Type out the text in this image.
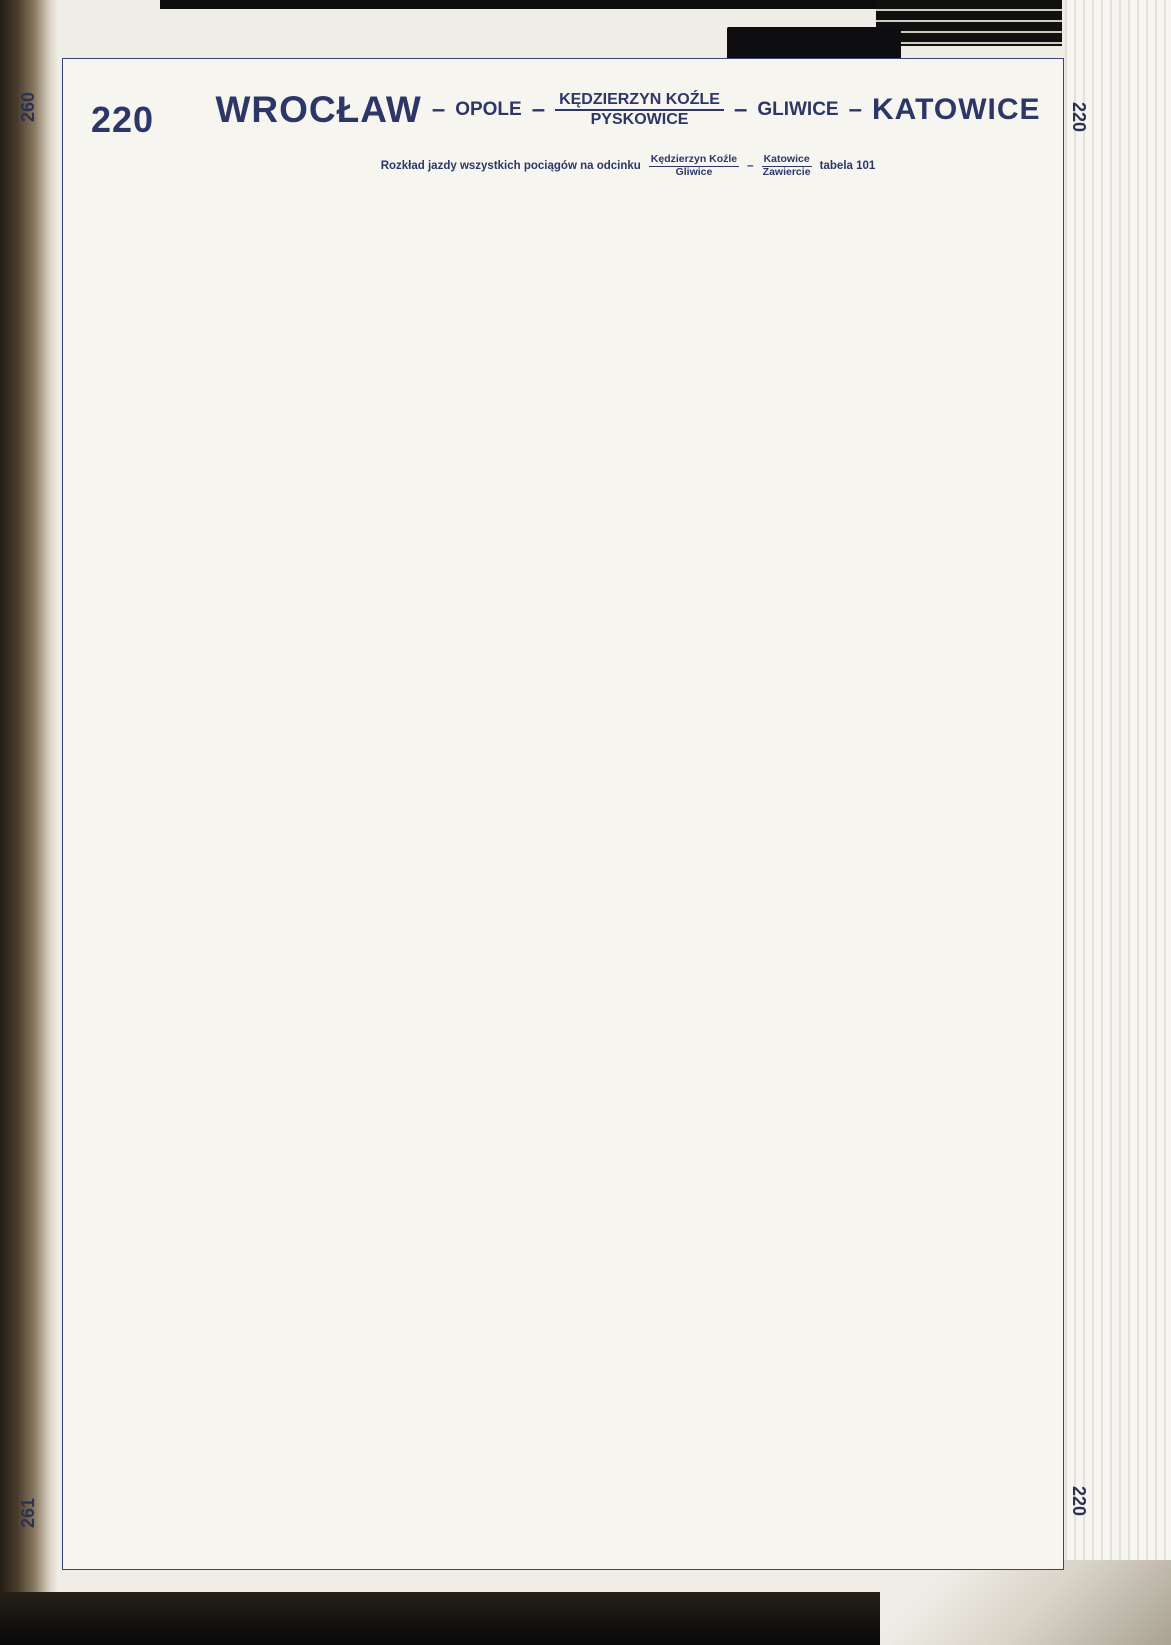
260	220
261	220
220 WROCŁAW – OPOLE – $\frac{\text{KĘDZIERZYN KOŹLE}}{\text{PYSKOWICE}}$ – GLIWICE – KATOWICE
Rozkład jazdy wszystkich pociągów na odcinku
Kędzierzyn Koźle
Gliwice	–
Katowice
Zawiercie tabela 101
